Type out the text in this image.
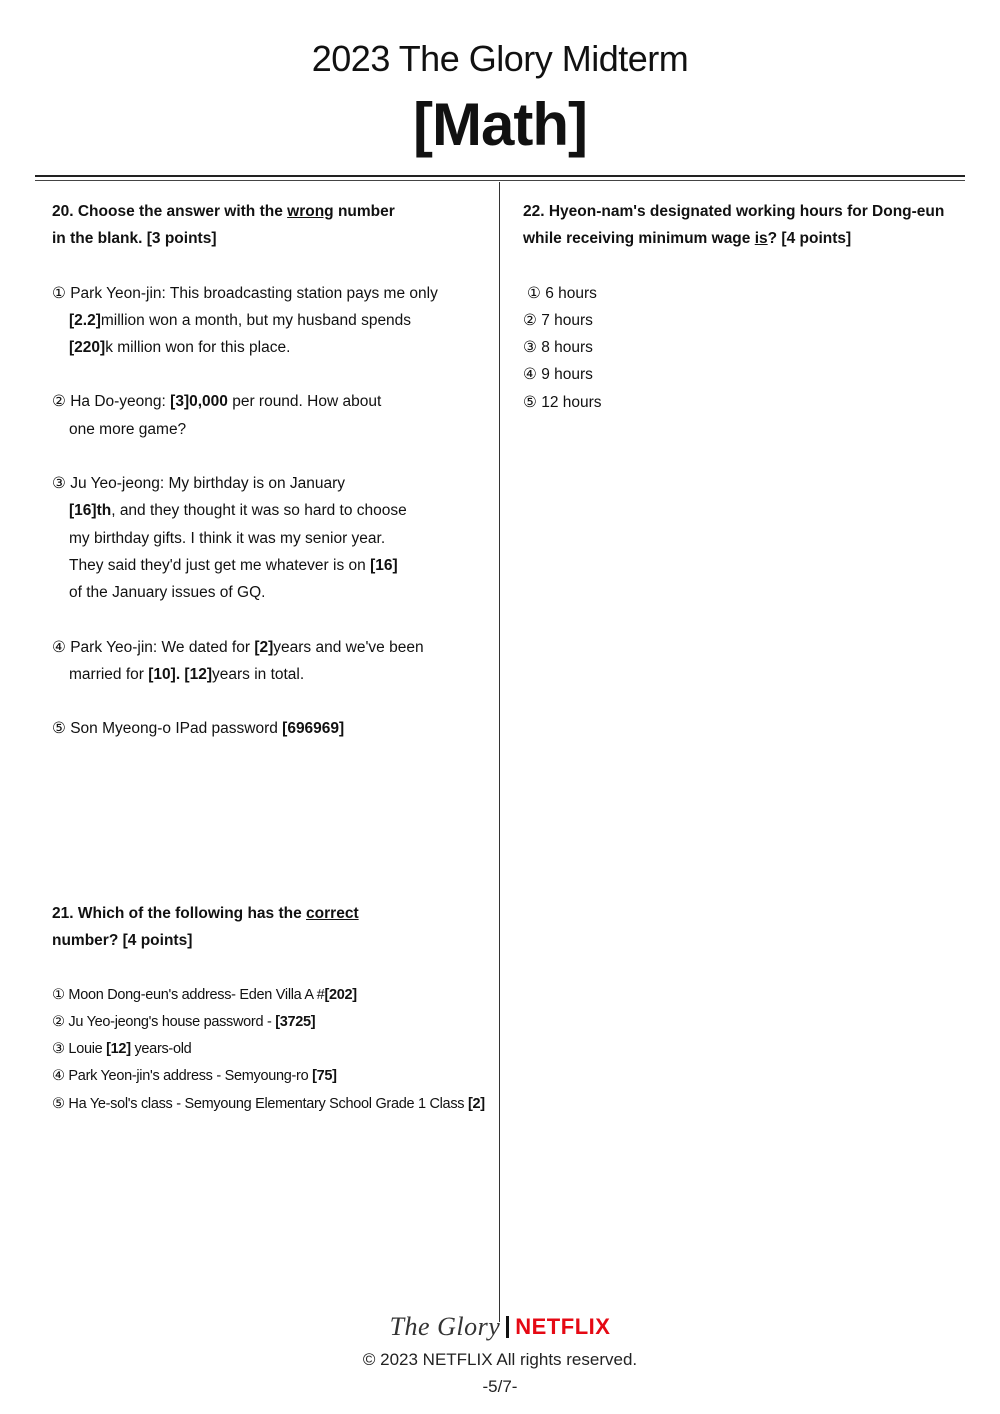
2023 The Glory Midterm
[Math]
20. Choose the answer with the wrong number
in the blank. [3 points]
① Park Yeon-jin: This broadcasting station pays me only
[2.2]million won a month, but my husband spends
[220]k million won for this place.
② Ha Do-yeong: [3]0,000 per round. How about
one more game?
③ Ju Yeo-jeong: My birthday is on January
[16]th, and they thought it was so hard to choose
my birthday gifts. I think it was my senior year.
They said they'd just get me whatever is on [16]
of the January issues of GQ.
④ Park Yeo-jin: We dated for [2]years and we've been
married for [10]. [12]years in total.
⑤ Son Myeong-o IPad password [696969]
21. Which of the following has the correct
number? [4 points]
① Moon Dong-eun's address- Eden Villa A #[202]
② Ju Yeo-jeong's house password - [3725]
③ Louie [12] years-old
④ Park Yeon-jin's address - Semyoung-ro [75]
⑤ Ha Ye-sol's class - Semyoung Elementary School Grade 1 Class [2]
22. Hyeon-nam's designated working hours for Dong-eun
while receiving minimum wage is? [4 points]
① 6 hours
② 7 hours
③ 8 hours
④ 9 hours
⑤ 12 hours
The Glory NETFLIX
© 2023 NETFLIX All rights reserved.
-5/7-
